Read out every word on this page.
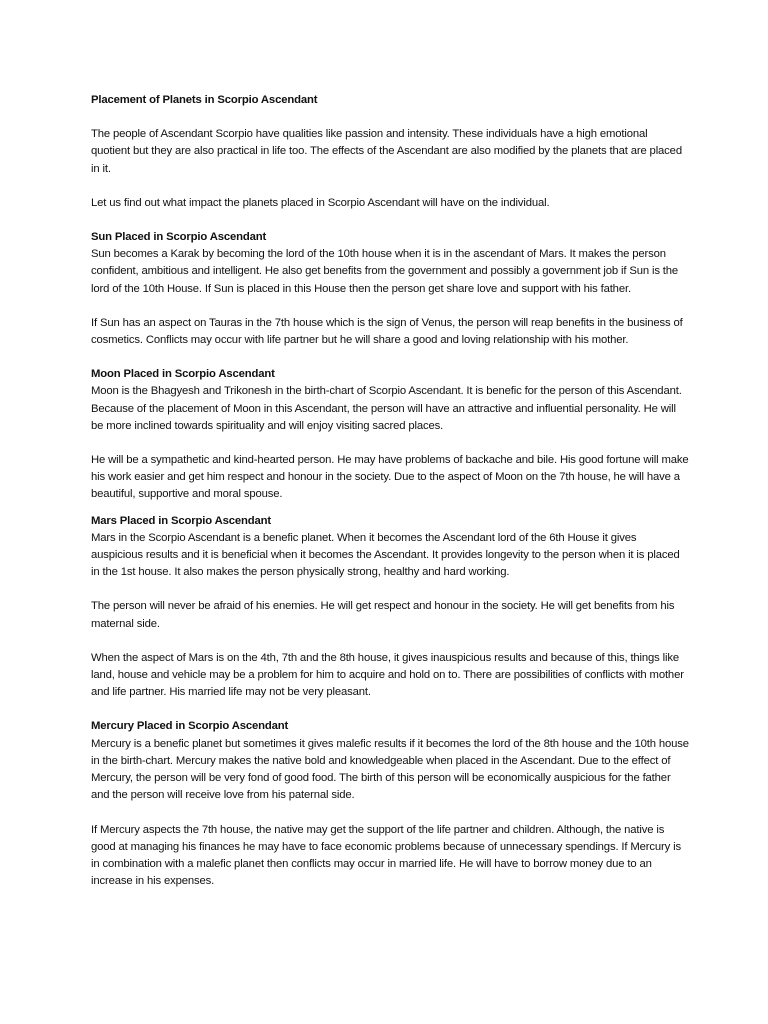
Placement of Planets in Scorpio Ascendant
The people of Ascendant Scorpio have qualities like passion and intensity. These individuals have a high emotional quotient but they are also practical in life too. The effects of the Ascendant are also modified by the planets that are placed in it.
Let us find out what impact the planets placed in Scorpio Ascendant will have on the individual.
Sun Placed in Scorpio Ascendant
Sun becomes a Karak by becoming the lord of the 10th house when it is in the ascendant of Mars. It makes the person confident, ambitious and intelligent. He also get benefits from the government and possibly a government job if Sun is the lord of the 10th House. If Sun is placed in this House then the person get share love and support with his father.
If Sun has an aspect on Tauras in the 7th house which is the sign of Venus, the person will reap benefits in the business of cosmetics. Conflicts may occur with life partner but he will share a good and loving relationship with his mother.
Moon Placed in Scorpio Ascendant
Moon is the Bhagyesh and Trikonesh in the birth-chart of Scorpio Ascendant. It is benefic for the person of this Ascendant. Because of the placement of Moon in this Ascendant, the person will have an attractive and influential personality. He will be more inclined towards spirituality and will enjoy visiting sacred places.
He will be a sympathetic and kind-hearted person. He may have problems of backache and bile. His good fortune will make his work easier and get him respect and honour in the society. Due to the aspect of Moon on the 7th house, he will have a beautiful, supportive and moral spouse.
Mars Placed in Scorpio Ascendant
Mars in the Scorpio Ascendant is a benefic planet. When it becomes the Ascendant lord of the 6th House it gives auspicious results and it is beneficial when it becomes the Ascendant. It provides longevity to the person when it is placed in the 1st house. It also makes the person physically strong, healthy and hard working.
The person will never be afraid of his enemies. He will get respect and honour in the society. He will get benefits from his maternal side.
When the aspect of Mars is on the 4th, 7th and the 8th house, it gives inauspicious results and because of this, things like land, house and vehicle may be a problem for him to acquire and hold on to. There are possibilities of conflicts with mother and life partner. His married life may not be very pleasant.
Mercury Placed in Scorpio Ascendant
Mercury is a benefic planet but sometimes it gives malefic results if it becomes the lord of the 8th house and the 10th house in the birth-chart. Mercury makes the native bold and knowledgeable when placed in the Ascendant. Due to the effect of Mercury, the person will be very fond of good food. The birth of this person will be economically auspicious for the father and the person will receive love from his paternal side.
If Mercury aspects the 7th house, the native may get the support of the life partner and children. Although, the native is good at managing his finances he may have to face economic problems because of unnecessary spendings. If Mercury is in combination with a malefic planet then conflicts may occur in married life. He will have to borrow money due to an increase in his expenses.
